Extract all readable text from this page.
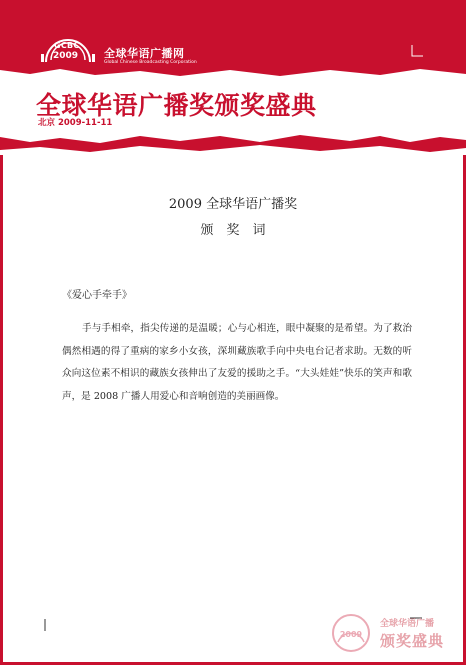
GCBC
2009 全球华语广播网
Global Chinese Broadcasting Corporation
全球华语广播奖颁奖盛典
北京 2009-11-11
2009 全球华语广播奖
颁奖词
《爱心手牵手》

手与手相牵，指尖传递的是温暖；心与心相连，眼中凝聚的是希望。为了救治偶然相遇的得了重病的家乡小女孩，深圳藏族歌手向中央电台记者求助。无数的听众向这位素不相识的藏族女孩伸出了友爱的援助之手。“大头娃娃”快乐的笑声和歌声，是 2008 广播人用爱心和音响创造的美丽画像。

2009
全球华语广播
颁奖盛典
